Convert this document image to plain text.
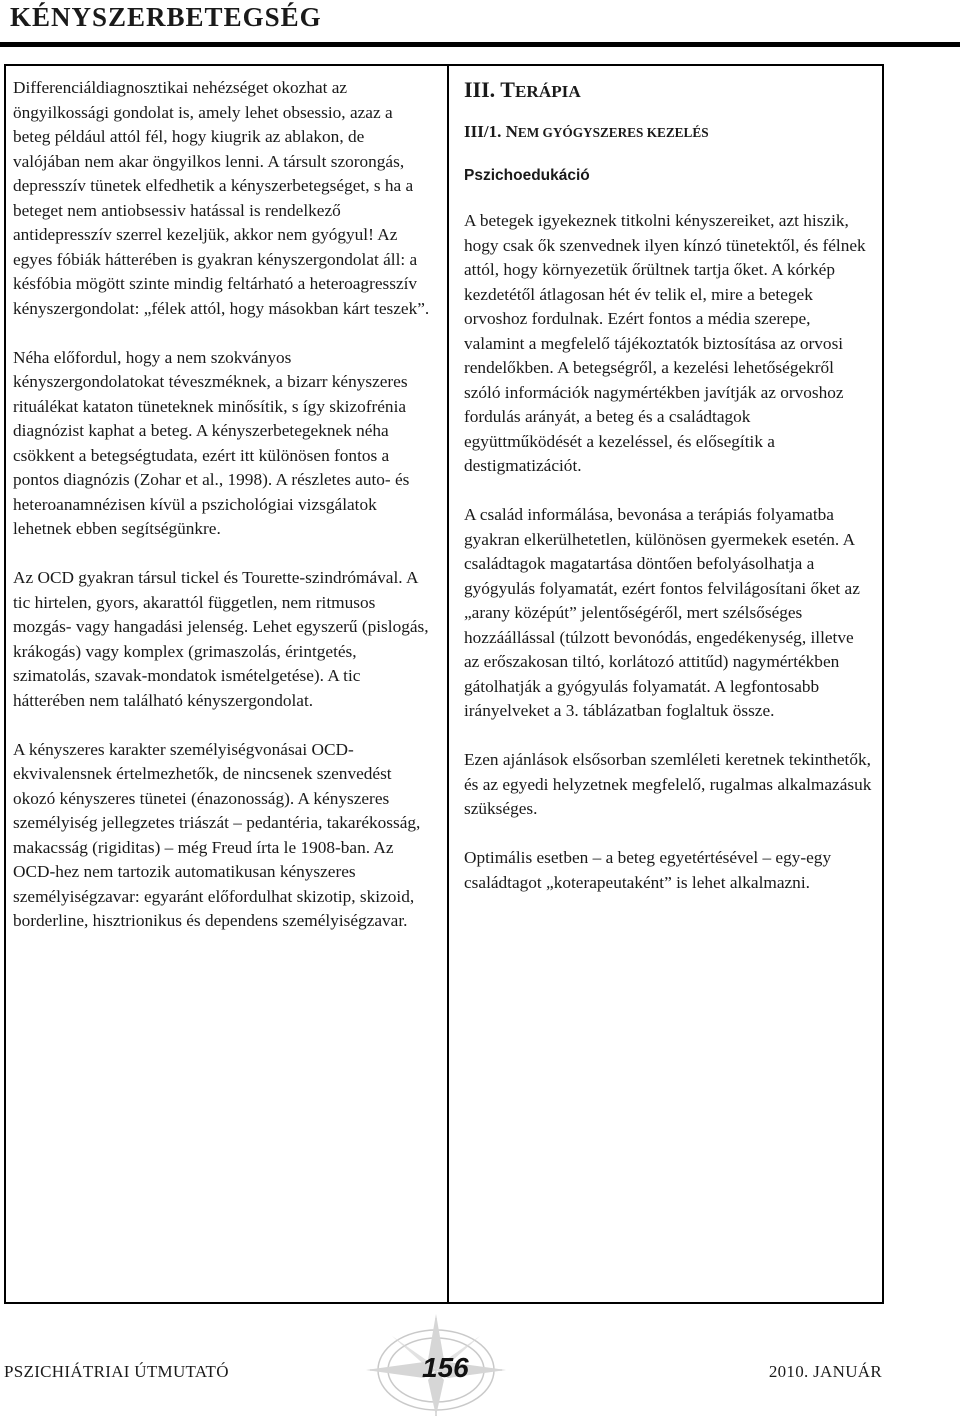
KÉNYSZERBETEGSÉG

Differenciáldiagnosztikai nehézséget okozhat az öngyilkossági gondolat is, amely lehet obsessio, azaz a beteg például attól fél, hogy kiugrik az ablakon, de valójában nem akar öngyilkos lenni. A társult szorongás, depresszív tünetek elfedhetik a kényszerbetegséget, s ha a beteget nem antiobsessiv hatással is rendelkező antidepresszív szerrel kezeljük, akkor nem gyógyul! Az egyes fóbiák hátterében is gyakran kényszergondolat áll: a késfóbia mögött szinte mindig feltárható a heteroagresszív kényszergondolat: „félek attól, hogy másokban kárt teszek”.

Néha előfordul, hogy a nem szokványos kényszergondolatokat téveszméknek, a bizarr kényszeres rituálékat kataton tüneteknek minősítik, s így skizofrénia diagnózist kaphat a beteg. A kényszerbetegeknek néha csökkent a betegségtudata, ezért itt különösen fontos a pontos diagnózis (Zohar et al., 1998). A részletes auto- és heteroanamnézisen kívül a pszichológiai vizsgálatok lehetnek ebben segítségünkre.

Az OCD gyakran társul tickel és Tourette-szindrómával. A tic hirtelen, gyors, akarattól független, nem ritmusos mozgás- vagy hangadási jelenség. Lehet egyszerű (pislogás, krákogás) vagy komplex (grimaszolás, érintgetés, szimatolás, szavak-mondatok ismételgetése). A tic hátterében nem található kényszergondolat.

A kényszeres karakter személyiségvonásai OCD-ekvivalensnek értelmezhetők, de nincsenek szenvedést okozó kényszeres tünetei (énazonosság). A kényszeres személyiség jellegzetes triászát – pedantéria, takarékosság, makacsság (rigiditas) – még Freud írta le 1908-ban. Az OCD-hez nem tartozik automatikusan kényszeres személyiségzavar: egyaránt előfordulhat skizotip, skizoid, borderline, hisztrionikus és dependens személyiségzavar.

III. TERÁPIA
III/1. NEM GYÓGYSZERES KEZELÉS
Pszichoedukáció

A betegek igyekeznek titkolni kényszereiket, azt hiszik, hogy csak ők szenvednek ilyen kínzó tünetektől, és félnek attól, hogy környezetük őrültnek tartja őket. A kórkép kezdetétől átlagosan hét év telik el, mire a betegek orvoshoz fordulnak. Ezért fontos a média szerepe, valamint a megfelelő tájékoztatók biztosítása az orvosi rendelőkben. A betegségről, a kezelési lehetőségekről szóló információk nagymértékben javítják az orvoshoz fordulás arányát, a beteg és a családtagok együttműködését a kezeléssel, és elősegítik a destigmatizációt.

A család informálása, bevonása a terápiás folyamatba gyakran elkerülhetetlen, különösen gyermekek esetén. A családtagok magatartása döntően befolyásolhatja a gyógyulás folyamatát, ezért fontos felvilágosítani őket az „arany középút” jelentőségéről, mert szélsőséges hozzáállással (túlzott bevonódás, engedékenység, illetve az erőszakosan tiltó, korlátozó attitűd) nagymértékben gátolhatják a gyógyulás folyamatát. A legfontosabb irányelveket a 3. táblázatban foglaltuk össze.

Ezen ajánlások elsősorban szemléleti keretnek tekinthetők, és az egyedi helyzetnek megfelelő, rugalmas alkalmazásuk szükséges.

Optimális esetben – a beteg egyetértésével – egy-egy családtagot „koterapeutaként” is lehet alkalmazni.

PSZICHIÁTRIAI ÚTMUTATÓ	156	2010. JANUÁR
